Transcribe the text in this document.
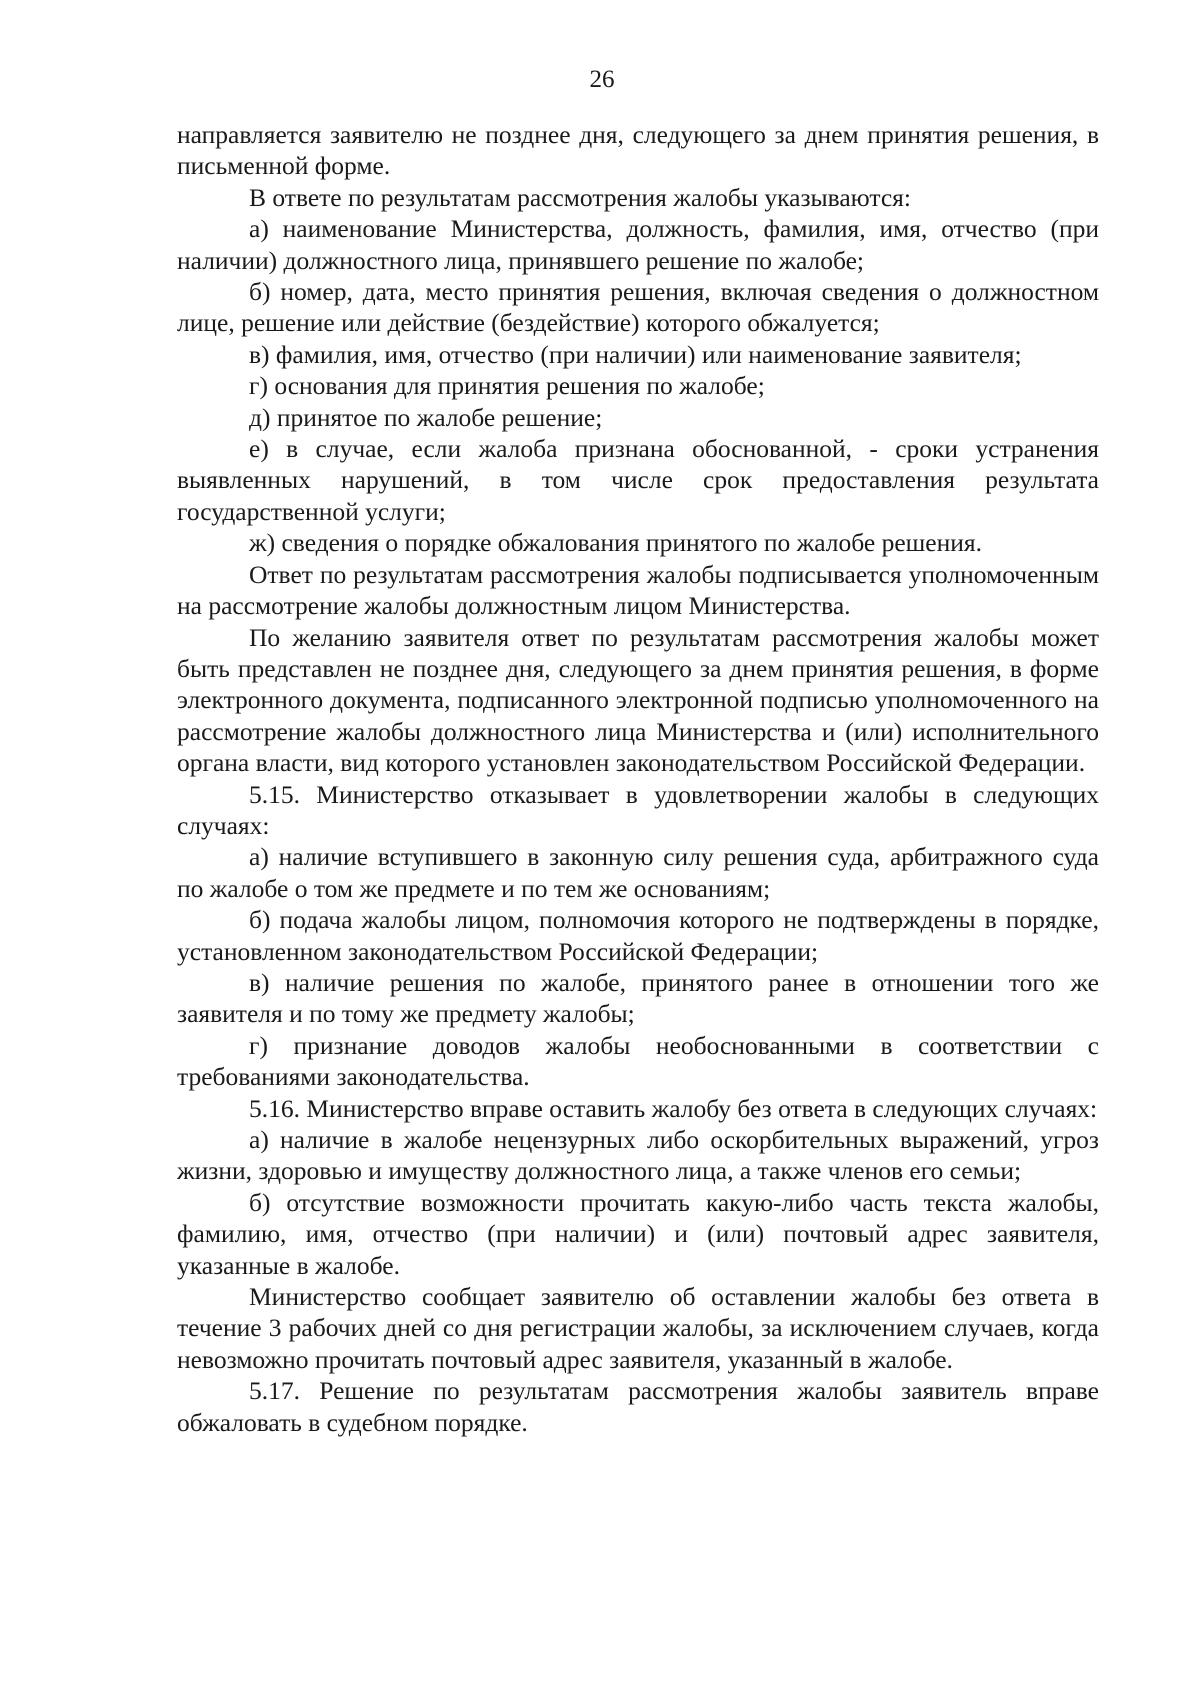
26

направляется заявителю не позднее дня, следующего за днем принятия решения, в письменной форме.

В ответе по результатам рассмотрения жалобы указываются:

а) наименование Министерства, должность, фамилия, имя, отчество (при наличии) должностного лица, принявшего решение по жалобе;

б) номер, дата, место принятия решения, включая сведения о должностном лице, решение или действие (бездействие) которого обжалуется;

в) фамилия, имя, отчество (при наличии) или наименование заявителя;

г) основания для принятия решения по жалобе;

д) принятое по жалобе решение;

е) в случае, если жалоба признана обоснованной, - сроки устранения выявленных нарушений, в том числе срок предоставления результата государственной услуги;

ж) сведения о порядке обжалования принятого по жалобе решения.

Ответ по результатам рассмотрения жалобы подписывается уполномоченным на рассмотрение жалобы должностным лицом Министерства.

По желанию заявителя ответ по результатам рассмотрения жалобы может быть представлен не позднее дня, следующего за днем принятия решения, в форме электронного документа, подписанного электронной подписью уполномоченного на рассмотрение жалобы должностного лица Министерства и (или) исполнительного органа власти, вид которого установлен законодательством Российской Федерации.

5.15. Министерство отказывает в удовлетворении жалобы в следующих случаях:

а) наличие вступившего в законную силу решения суда, арбитражного суда по жалобе о том же предмете и по тем же основаниям;

б) подача жалобы лицом, полномочия которого не подтверждены в порядке, установленном законодательством Российской Федерации;

в) наличие решения по жалобе, принятого ранее в отношении того же заявителя и по тому же предмету жалобы;

г) признание доводов жалобы необоснованными в соответствии с требованиями законодательства.

5.16. Министерство вправе оставить жалобу без ответа в следующих случаях:

а) наличие в жалобе нецензурных либо оскорбительных выражений, угроз жизни, здоровью и имуществу должностного лица, а также членов его семьи;

б) отсутствие возможности прочитать какую-либо часть текста жалобы, фамилию, имя, отчество (при наличии) и (или) почтовый адрес заявителя, указанные в жалобе.

Министерство сообщает заявителю об оставлении жалобы без ответа в течение 3 рабочих дней со дня регистрации жалобы, за исключением случаев, когда невозможно прочитать почтовый адрес заявителя, указанный в жалобе.

5.17. Решение по результатам рассмотрения жалобы заявитель вправе обжаловать в судебном порядке.
